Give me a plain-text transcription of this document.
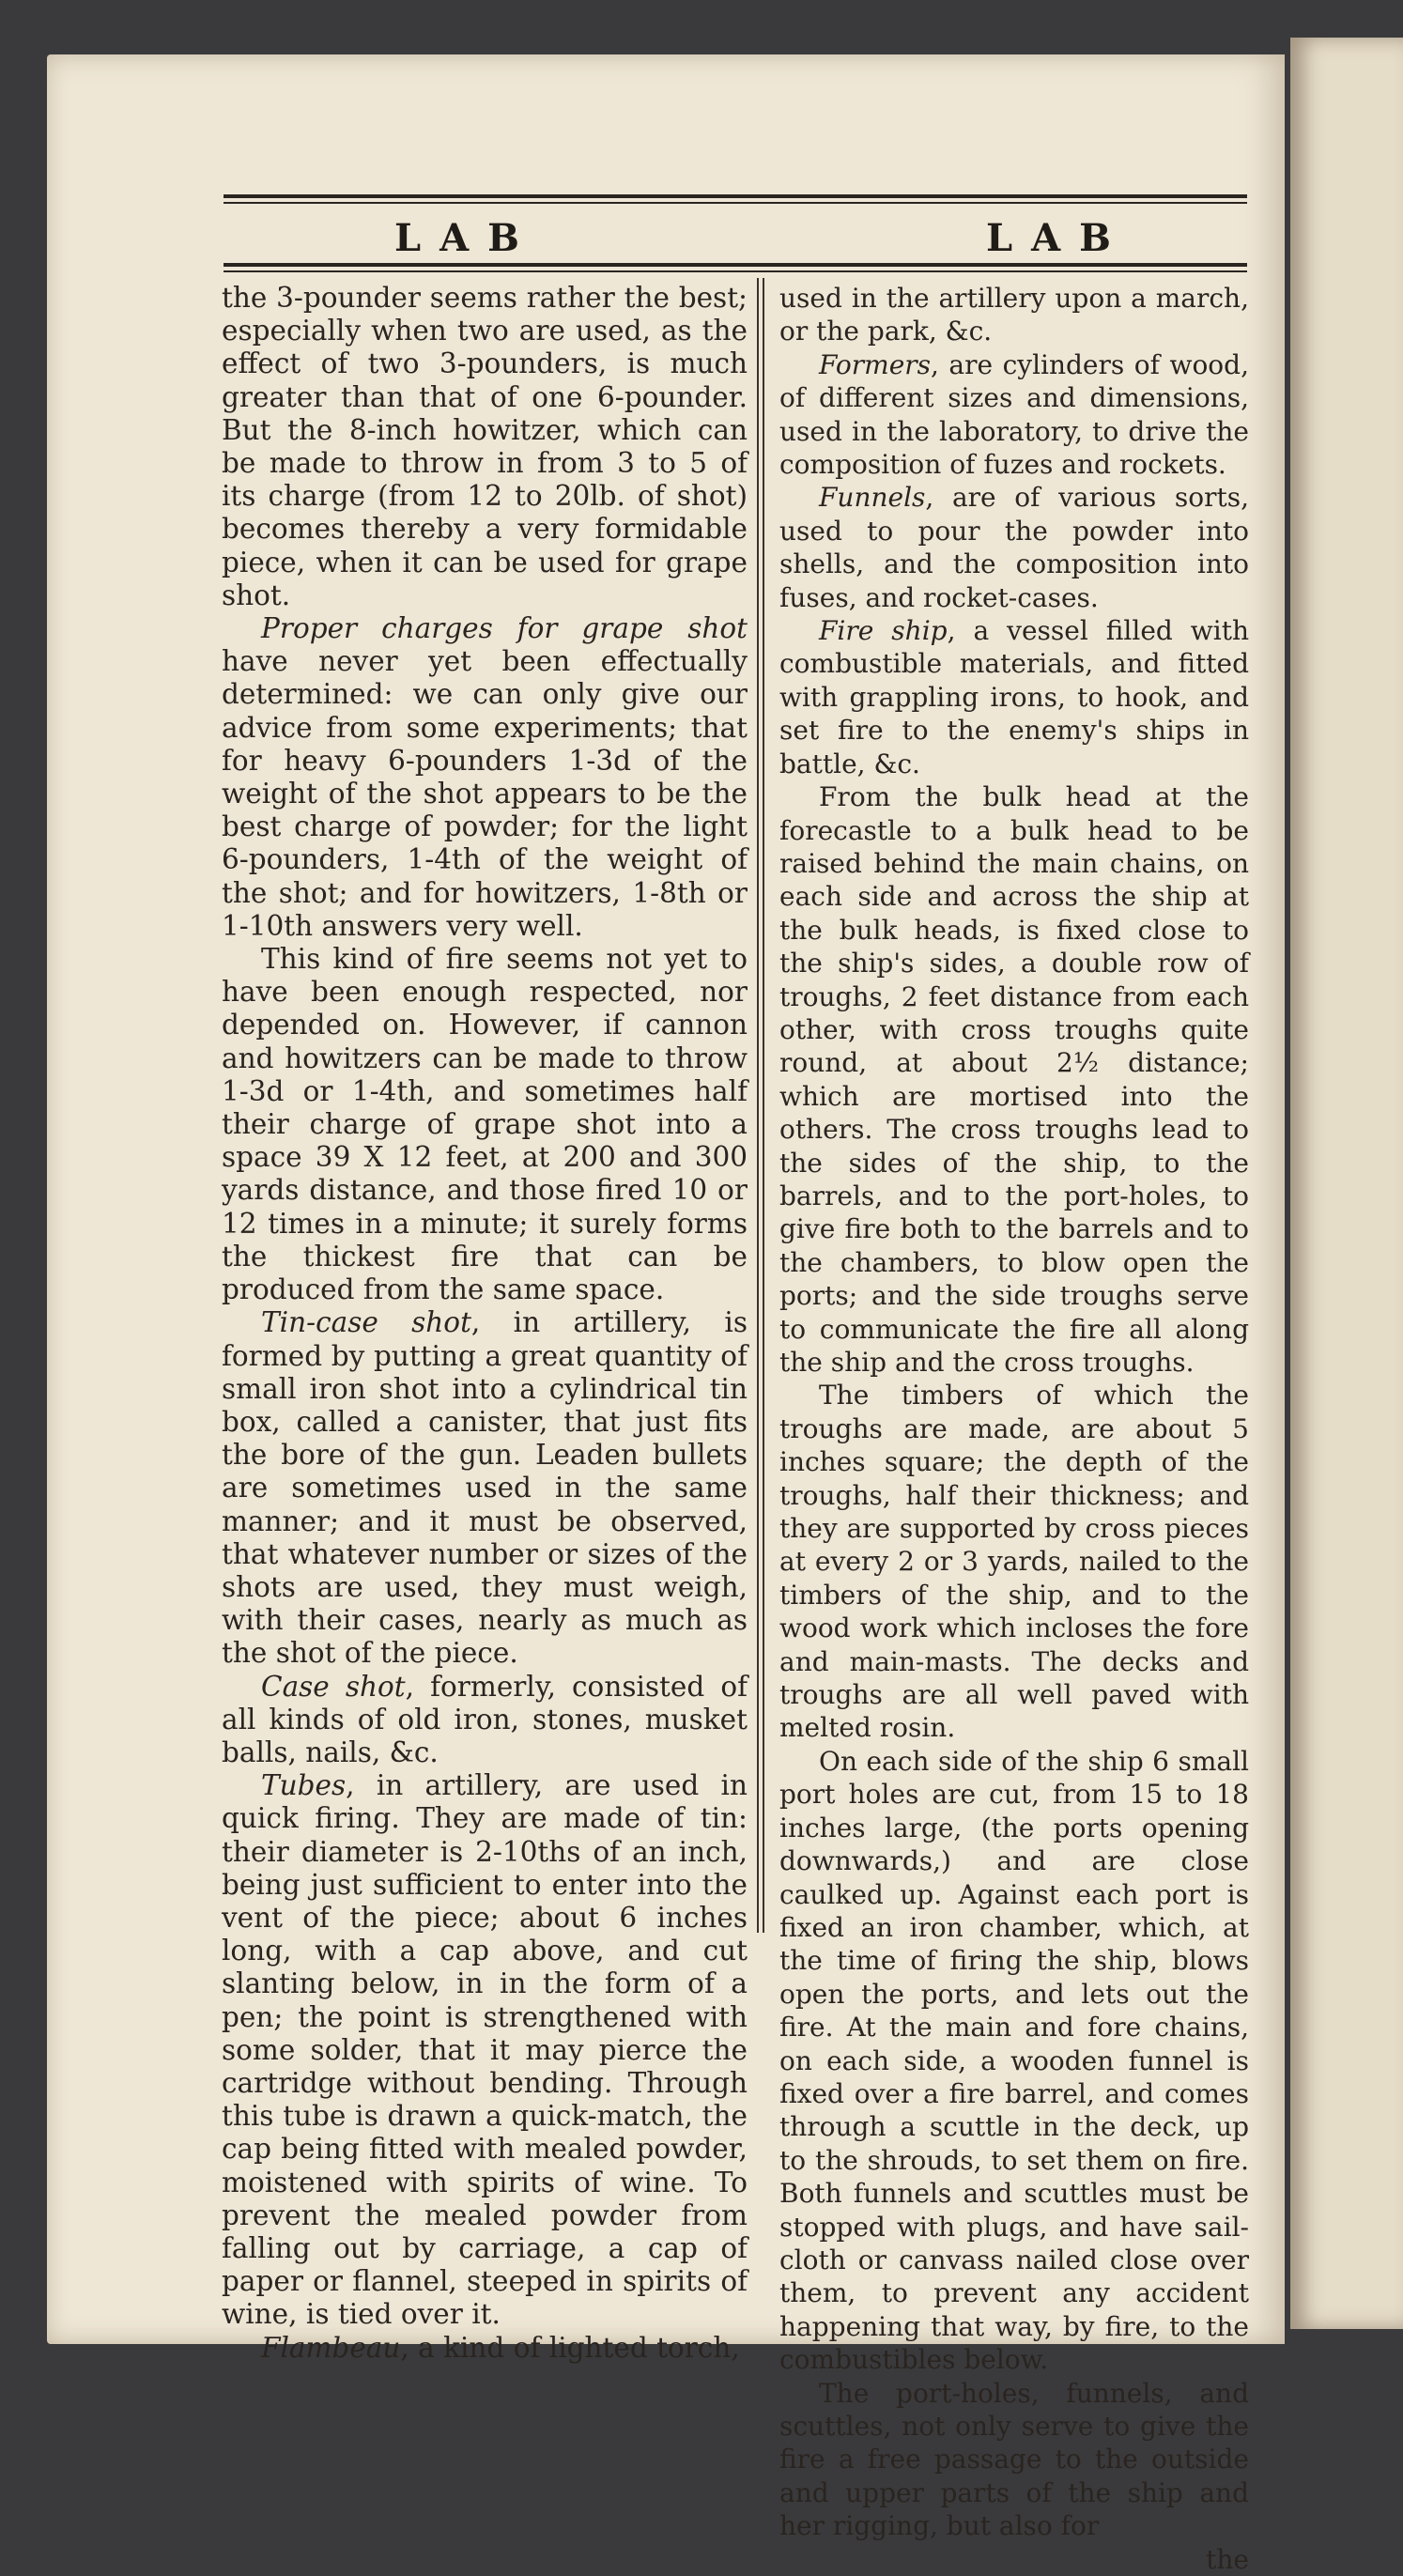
LAB	LAB

the 3-pounder seems rather the best; especially when two are used, as the effect of two 3-pounders, is much greater than that of one 6-pounder. But the 8-inch howitzer, which can be made to throw in from 3 to 5 of its charge (from 12 to 20lb. of shot) becomes thereby a very formidable piece, when it can be used for grape shot.

Proper charges for grape shot have never yet been effectually determined: we can only give our advice from some experiments; that for heavy 6-pounders 1-3d of the weight of the shot appears to be the best charge of powder; for the light 6-pounders, 1-4th of the weight of the shot; and for howitzers, 1-8th or 1-10th answers very well.

This kind of fire seems not yet to have been enough respected, nor depended on. However, if cannon and howitzers can be made to throw 1-3d or 1-4th, and sometimes half their charge of grape shot into a space 39 X 12 feet, at 200 and 300 yards distance, and those fired 10 or 12 times in a minute; it surely forms the thickest fire that can be produced from the same space.

Tin-case shot, in artillery, is formed by putting a great quantity of small iron shot into a cylindrical tin box, called a canister, that just fits the bore of the gun. Leaden bullets are sometimes used in the same manner; and it must be observed, that whatever number or sizes of the shots are used, they must weigh, with their cases, nearly as much as the shot of the piece.

Case shot, formerly, consisted of all kinds of old iron, stones, musket balls, nails, &c.

Tubes, in artillery, are used in quick firing. They are made of tin: their diameter is 2-10ths of an inch, being just sufficient to enter into the vent of the piece; about 6 inches long, with a cap above, and cut slanting below, in in the form of a pen; the point is strengthened with some solder, that it may pierce the cartridge without bending. Through this tube is drawn a quick-match, the cap being fitted with mealed powder, moistened with spirits of wine. To prevent the mealed powder from falling out by carriage, a cap of paper or flannel, steeped in spirits of wine, is tied over it.

Flambeau, a kind of lighted torch,

used in the artillery upon a march, or the park, &c.

Formers, are cylinders of wood, of different sizes and dimensions, used in the laboratory, to drive the composition of fuzes and rockets.

Funnels, are of various sorts, used to pour the powder into shells, and the composition into fuses, and rocket-cases.

Fire ship, a vessel filled with combustible materials, and fitted with grappling irons, to hook, and set fire to the enemy's ships in battle, &c.

From the bulk head at the forecastle to a bulk head to be raised behind the main chains, on each side and across the ship at the bulk heads, is fixed close to the ship's sides, a double row of troughs, 2 feet distance from each other, with cross troughs quite round, at about 2½ distance; which are mortised into the others. The cross troughs lead to the sides of the ship, to the barrels, and to the port-holes, to give fire both to the barrels and to the chambers, to blow open the ports; and the side troughs serve to communicate the fire all along the ship and the cross troughs.

The timbers of which the troughs are made, are about 5 inches square; the depth of the troughs, half their thickness; and they are supported by cross pieces at every 2 or 3 yards, nailed to the timbers of the ship, and to the wood work which incloses the fore and main-masts. The decks and troughs are all well paved with melted rosin.

On each side of the ship 6 small port holes are cut, from 15 to 18 inches large, (the ports opening downwards,) and are close caulked up. Against each port is fixed an iron chamber, which, at the time of firing the ship, blows open the ports, and lets out the fire. At the main and fore chains, on each side, a wooden funnel is fixed over a fire barrel, and comes through a scuttle in the deck, up to the shrouds, to set them on fire. Both funnels and scuttles must be stopped with plugs, and have sail-cloth or canvass nailed close over them, to prevent any accident happening that way, by fire, to the combustibles below.

The port-holes, funnels, and scuttles, not only serve to give the fire a free passage to the outside and upper parts of the ship and her rigging, but also for

the
